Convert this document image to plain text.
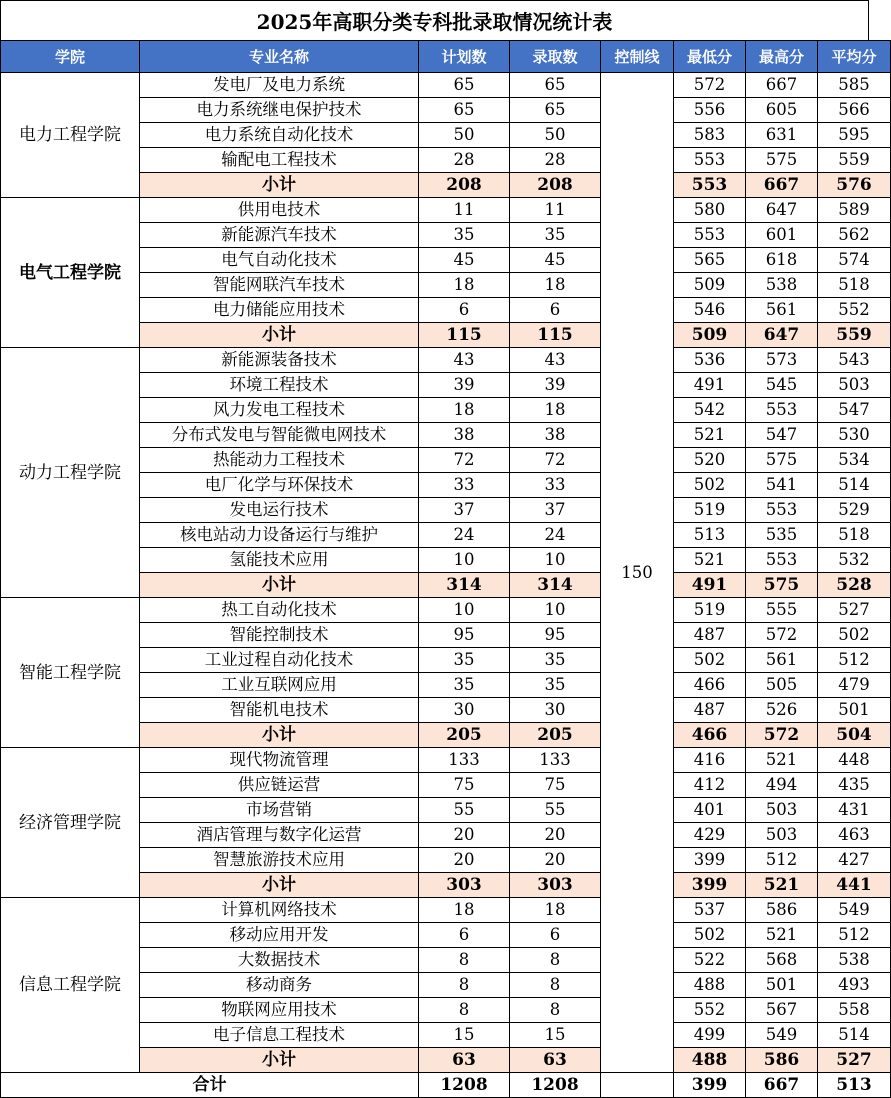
2025年高职分类专科批录取情况统计表
学院	专业名称	计划数	录取数	控制线	最低分	最高分	平均分
电力工程学院	发电厂及电力系统	65	65	150	572	667	585
	电力系统继电保护技术	65	65		556	605	566
	电力系统自动化技术	50	50		583	631	595
	输配电工程技术	28	28		553	575	559
	小计	208	208		553	667	576
电气工程学院	供用电技术	11	11		580	647	589
	新能源汽车技术	35	35		553	601	562
	电气自动化技术	45	45		565	618	574
	智能网联汽车技术	18	18		509	538	518
	电力储能应用技术	6	6		546	561	552
	小计	115	115		509	647	559
动力工程学院	新能源装备技术	43	43		536	573	543
	环境工程技术	39	39		491	545	503
	风力发电工程技术	18	18		542	553	547
	分布式发电与智能微电网技术	38	38		521	547	530
	热能动力工程技术	72	72		520	575	534
	电厂化学与环保技术	33	33		502	541	514
	发电运行技术	37	37		519	553	529
	核电站动力设备运行与维护	24	24		513	535	518
	氢能技术应用	10	10		521	553	532
	小计	314	314		491	575	528
智能工程学院	热工自动化技术	10	10		519	555	527
	智能控制技术	95	95		487	572	502
	工业过程自动化技术	35	35		502	561	512
	工业互联网应用	35	35		466	505	479
	智能机电技术	30	30		487	526	501
	小计	205	205		466	572	504
经济管理学院	现代物流管理	133	133		416	521	448
	供应链运营	75	75		412	494	435
	市场营销	55	55		401	503	431
	酒店管理与数字化运营	20	20		429	503	463
	智慧旅游技术应用	20	20		399	512	427
	小计	303	303		399	521	441
信息工程学院	计算机网络技术	18	18		537	586	549
	移动应用开发	6	6		502	521	512
	大数据技术	8	8		522	568	538
	移动商务	8	8		488	501	493
	物联网应用技术	8	8		552	567	558
	电子信息工程技术	15	15		499	549	514
	小计	63	63		488	586	527
合计		1208	1208		399	667	513
